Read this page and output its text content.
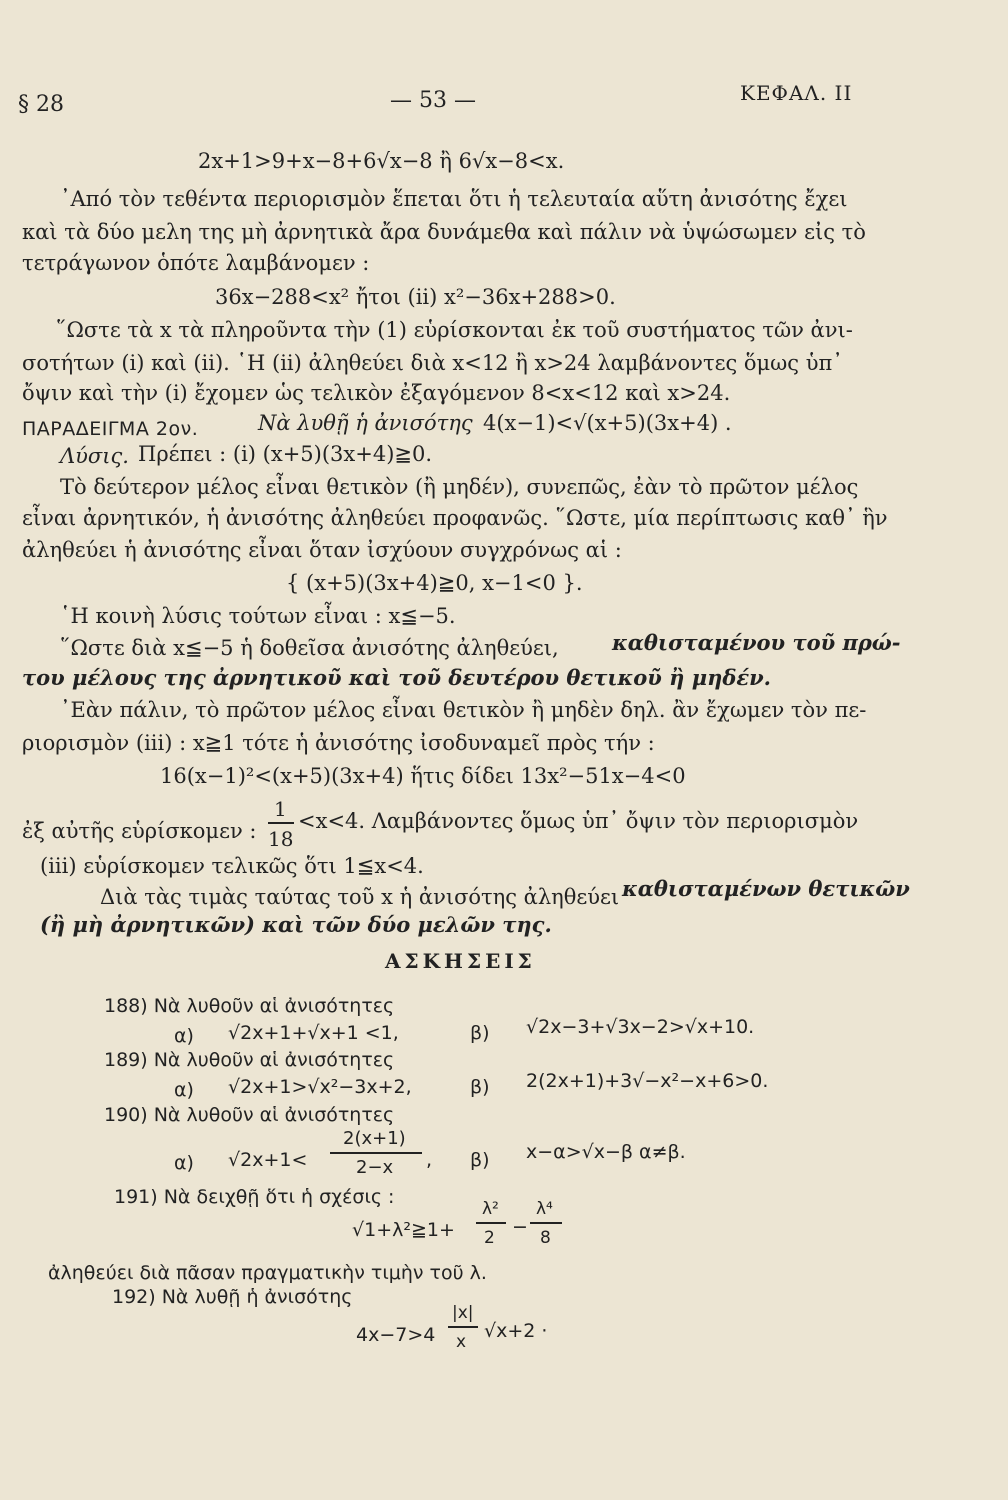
§ 28	— 53 —	ΚΕΦΑΛ. II
2x+1>9+x−8+6√x−8 ἢ 6√x−8<x.
᾿Από τὸν τεθέντα περιορισμὸν ἕπεται ὅτι ἡ τελευταία αὕτη ἀνισότης ἔχει
καὶ τὰ δύο μελη της μὴ ἀρνητικὰ ἄρα δυνάμεθα καὶ πάλιν νὰ ὑψώσωμεν εἰς τὸ
τετράγωνον ὁπότε λαμβάνομεν :
36x−288<x² ἤτοι (ii) x²−36x+288>0.
῞Ωστε τὰ x τὰ πληροῦντα τὴν (1) εὑρίσκονται ἐκ τοῦ συστήματος τῶν ἀνι-
σοτήτων (i) καὶ (ii). ῾Η (ii) ἀληθεύει διὰ x<12 ἢ x>24 λαμβάνοντες ὅμως ὑπ᾿
ὄψιν καὶ τὴν (i) ἔχομεν ὡς τελικὸν ἐξαγόμενον 8<x<12 καὶ x>24.
ΠΑΡΑΔΕΙΓΜΑ 2ον.	Νὰ λυθῇ ἡ ἀνισότης 4(x−1)<√(x+5)(3x+4) .
Λύσις. Πρέπει : (i) (x+5)(3x+4)≧0.
Τὸ δεύτερον μέλος εἶναι θετικὸν (ἢ μηδέν), συνεπῶς, ἐὰν τὸ πρῶτον μέλος
εἶναι ἀρνητικόν, ἡ ἀνισότης ἀληθεύει προφανῶς. ῞Ωστε, μία περίπτωσις καθ᾿ ἣν
ἀληθεύει ἡ ἀνισότης εἶναι ὅταν ἰσχύουν συγχρόνως αἱ :
{ (x+5)(3x+4)≧0, x−1<0 }.
῾Η κοινὴ λύσις τούτων εἶναι : x≦−5.
῞Ωστε διὰ x≦−5 ἡ δοθεῖσα ἀνισότης ἀληθεύει,	καθισταμένου τοῦ πρώ-
του μέλους της ἀρνητικοῦ καὶ τοῦ δευτέρου θετικοῦ ἢ μηδέν.
᾿Εὰν πάλιν, τὸ πρῶτον μέλος εἶναι θετικὸν ἢ μηδὲν δηλ. ἂν ἔχωμεν τὸν πε-
ριορισμὸν (iii) : x≧1 τότε ἡ ἀνισότης ἰσοδυναμεῖ πρὸς τήν :
16(x−1)²<(x+5)(3x+4) ἥτις δίδει 13x²−51x−4<0
ἐξ αὐτῆς εὑρίσκομεν :
1
18
<x<4. Λαμβάνοντες ὅμως ὑπ᾿ ὄψιν τὸν περιορισμὸν
(iii) εὑρίσκομεν τελικῶς ὅτι 1≦x<4.
Διὰ τὰς τιμὰς ταύτας τοῦ x ἡ ἀνισότης ἀληθεύει καθισταμένων θετικῶν
(ἢ μὴ ἀρνητικῶν) καὶ τῶν δύο μελῶν της.
ΑΣΚΗΣΕΙΣ
188) Νὰ λυθοῦν αἱ ἀνισότητες
α) √2x+1+√x+1 <1,	β) √2x−3+√3x−2>√x+10.
189) Νὰ λυθοῦν αἱ ἀνισότητες
α) √2x+1>√x²−3x+2,	β) 2(2x+1)+3√−x²−x+6>0.
190) Νὰ λυθοῦν αἱ ἀνισότητες
α) √2x+1<
2(x+1)
2−x , β) x−α>√x−β α≠β.
191) Νὰ δειχθῇ ὅτι ἡ σχέσις :
√1+λ²≧1+
λ²
2 −
λ⁴
8
ἀληθεύει διὰ πᾶσαν πραγματικὴν τιμὴν τοῦ λ.
192) Νὰ λυθῇ ἡ ἀνισότης
4x−7>4
|x|
x √x+2 ·
